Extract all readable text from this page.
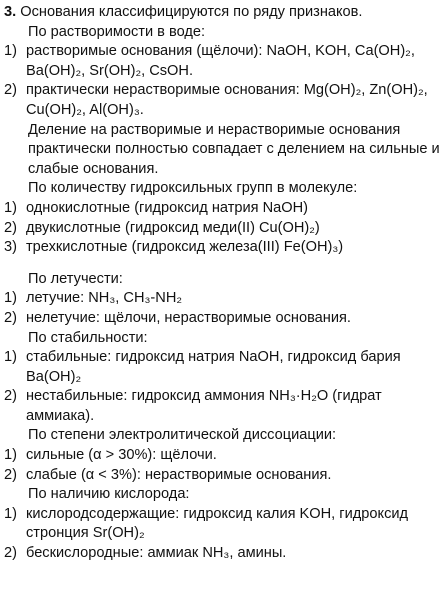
3. Основания классифицируются по ряду признаков.
По растворимости в воде:
1) растворимые основания (щёлочи): NaOH, KOH, Ca(OH)₂, Ba(OH)₂, Sr(OH)₂, CsOH.
2) практически нерастворимые основания: Mg(OH)₂, Zn(OH)₂, Cu(OH)₂, Al(OH)₃.
Деление на растворимые и нерастворимые основания практически полностью совпадает с делением на сильные и слабые основания.
По количеству гидроксильных групп в молекуле:
1) однокислотные (гидроксид натрия NaOH)
2) двукислотные (гидроксид меди(II) Cu(OH)₂)
3) трехкислотные (гидроксид железа(III) Fe(OH)₃)
По летучести:
1) летучие: NH₃, CH₃-NH₂
2) нелетучие: щёлочи, нерастворимые основания.
По стабильности:
1) стабильные: гидроксид натрия NaOH, гидроксид бария Ba(OH)₂
2) нестабильные: гидроксид аммония NH₃·H₂O (гидрат аммиака).
По степени электролитической диссоциации:
1) сильные (α > 30%): щёлочи.
2) слабые (α < 3%): нерастворимые основания.
По наличию кислорода:
1) кислородсодержащие: гидроксид калия KOH, гидроксид стронция Sr(OH)₂
2) бескислородные: аммиак NH₃, амины.
